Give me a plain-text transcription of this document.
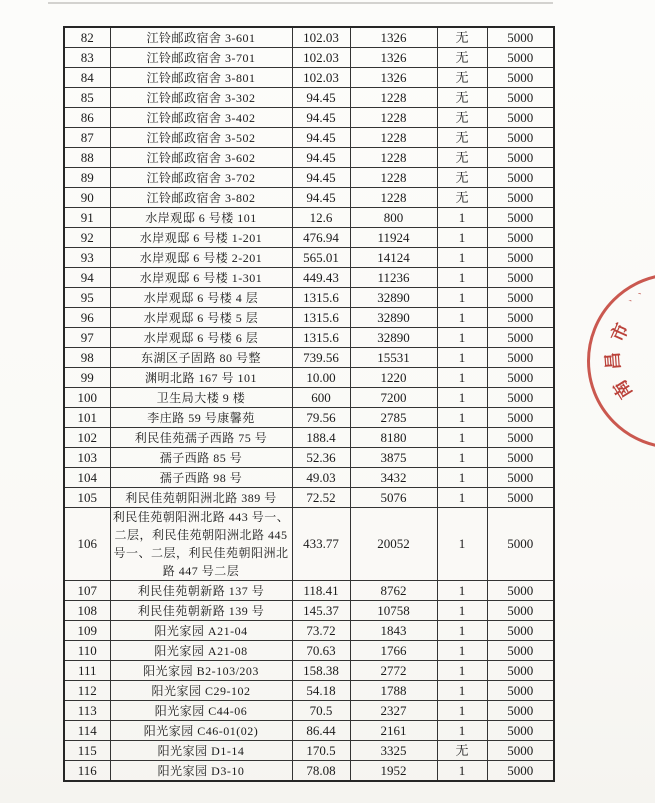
82	江铃邮政宿舍 3-601	102.03	1326	无	5000
83	江铃邮政宿舍 3-701	102.03	1326	无	5000
84	江铃邮政宿舍 3-801	102.03	1326	无	5000
85	江铃邮政宿舍 3-302	94.45	1228	无	5000
86	江铃邮政宿舍 3-402	94.45	1228	无	5000
87	江铃邮政宿舍 3-502	94.45	1228	无	5000
88	江铃邮政宿舍 3-602	94.45	1228	无	5000
89	江铃邮政宿舍 3-702	94.45	1228	无	5000
90	江铃邮政宿舍 3-802	94.45	1228	无	5000
91	水岸观邸 6 号楼 101	12.6	800	1	5000
92	水岸观邸 6 号楼 1-201	476.94	11924	1	5000
93	水岸观邸 6 号楼 2-201	565.01	14124	1	5000
94	水岸观邸 6 号楼 1-301	449.43	11236	1	5000
95	水岸观邸 6 号楼 4 层	1315.6	32890	1	5000
96	水岸观邸 6 号楼 5 层	1315.6	32890	1	5000
97	水岸观邸 6 号楼 6 层	1315.6	32890	1	5000
98	东湖区子固路 80 号整	739.56	15531	1	5000
99	渊明北路 167 号 101	10.00	1220	1	5000
100	卫生局大楼 9 楼	600	7200	1	5000
101	李庄路 59 号康馨苑	79.56	2785	1	5000
102	利民佳苑孺子西路 75 号	188.4	8180	1	5000
103	孺子西路 85 号	52.36	3875	1	5000
104	孺子西路 98 号	49.03	3432	1	5000
105	利民佳苑朝阳洲北路 389 号	72.52	5076	1	5000
106	利民佳苑朝阳洲北路 443 号一、二层，利民佳苑朝阳洲北路 445 号一、二层，利民佳苑朝阳洲北路 447 号二层	433.77	20052	1	5000
107	利民佳苑朝新路 137 号	118.41	8762	1	5000
108	利民佳苑朝新路 139 号	145.37	10758	1	5000
109	阳光家园 A21-04	73.72	1843	1	5000
110	阳光家园 A21-08	70.63	1766	1	5000
111	阳光家园 B2-103/203	158.38	2772	1	5000
112	阳光家园 C29-102	54.18	1788	1	5000
113	阳光家园 C44-06	70.5	2327	1	5000
114	阳光家园 C46-01(02)	86.44	2161	1	5000
115	阳光家园 D1-14	170.5	3325	无	5000
116	阳光家园 D3-10	78.08	1952	1	5000
南
昌
市
、
、
